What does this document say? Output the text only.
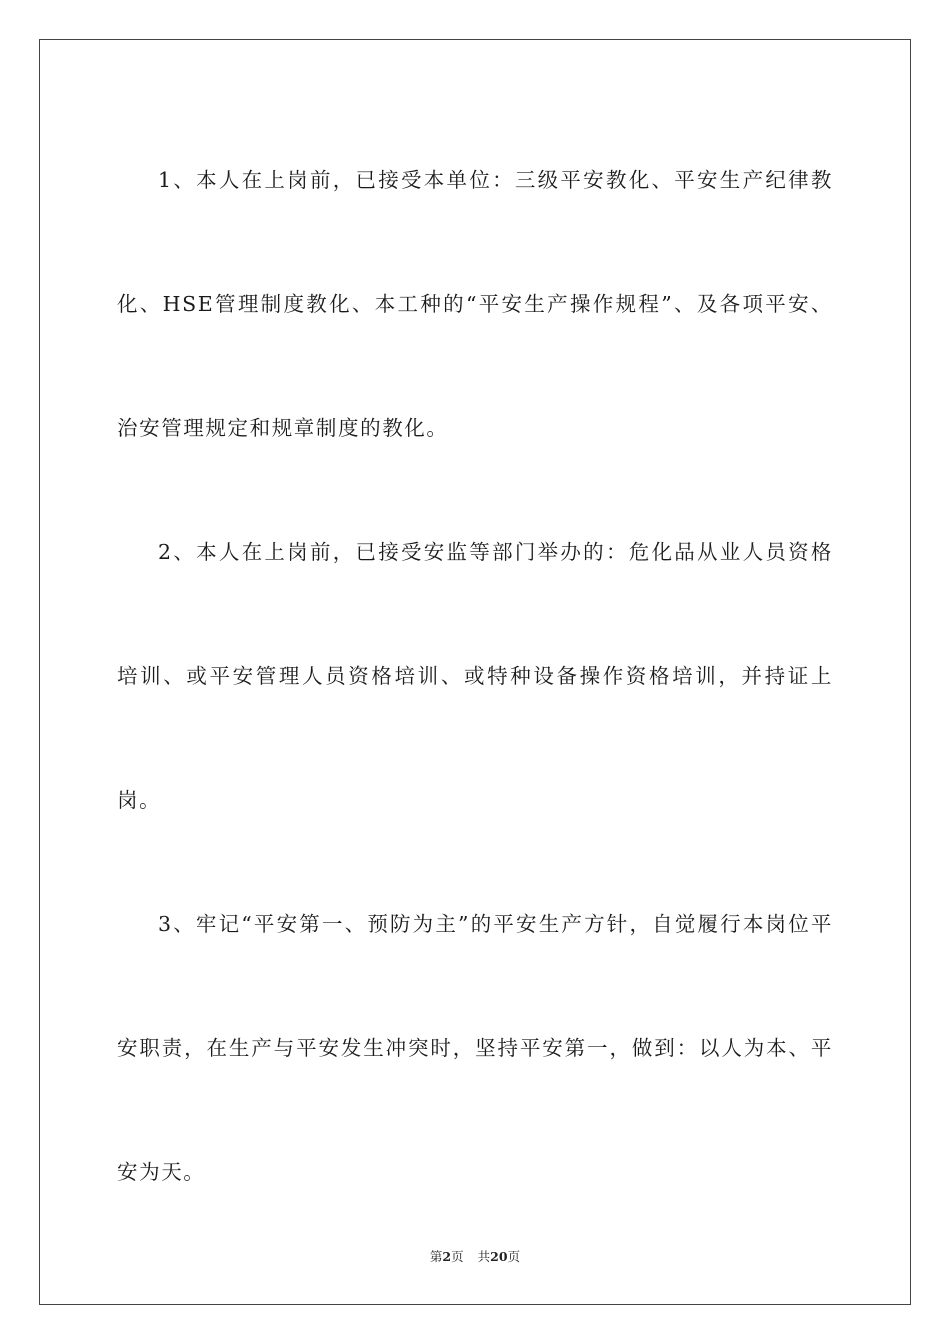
1、本人在上岗前，已接受本单位：三级平安教化、平安生产纪律教化、HSE管理制度教化、本工种的“平安生产操作规程”、及各项平安、治安管理规定和规章制度的教化。

2、本人在上岗前，已接受安监等部门举办的：危化品从业人员资格培训、或平安管理人员资格培训、或特种设备操作资格培训，并持证上岗。

3、牢记“平安第一、预防为主”的平安生产方针，自觉履行本岗位平安职责，在生产与平安发生冲突时，坚持平安第一，做到：以人为本、平安为天。

第2页 共20页
